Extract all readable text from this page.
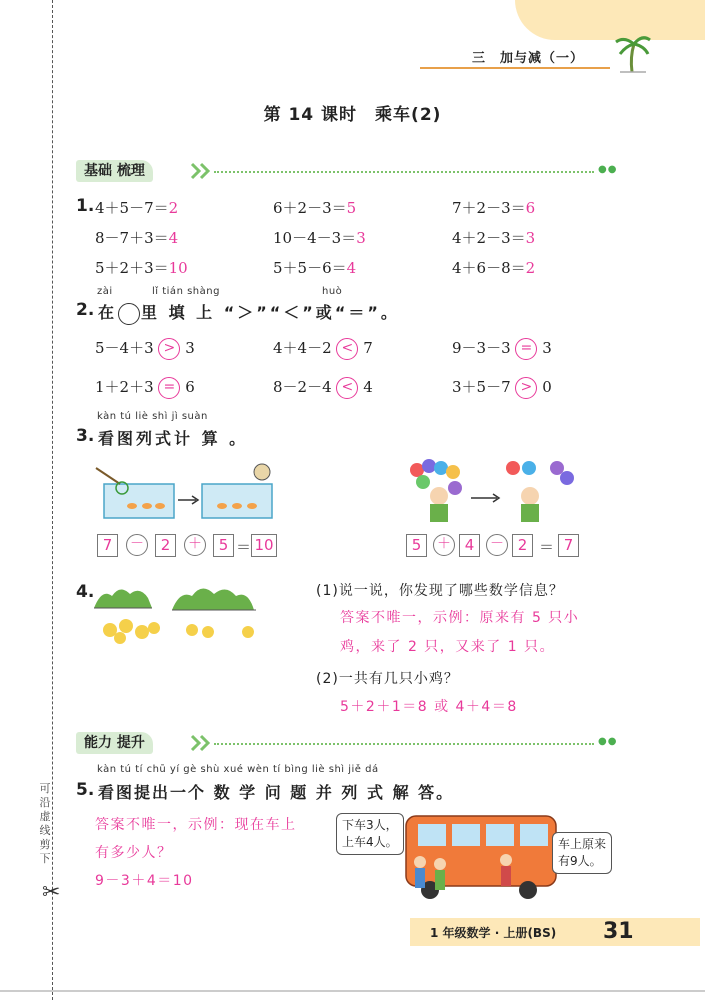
可沿虚线剪下
✂
三　加与减（一）
第 14 课时　乘车(2)
基础 梳理	●●
1. 4＋5－7＝2	6＋2－3＝5	7＋2－3＝6
8－7＋3＝4	10－4－3＝3	4＋2－3＝3
5＋2＋3＝10	5＋5－6＝4	4＋6－8＝2
zài	lǐ tián shàng	huò
2. 在 里 填 上 “＞”“＜”或“＝”。
5－4＋3 > 3	4＋4－2 < 7	9－3－3 = 3
1＋2＋3 = 6	8－2－4 < 4	3＋5－7 > 0
kàn tú liè shì jì suàn
3. 看图列式计 算 。
7	－	2	＋	5 ＝ 10	5	＋ 4	－ 2 ＝ 7
4.	(1)说一说，你发现了哪些数学信息？
答案不唯一，示例：原来有 5 只小
鸡，来了 2 只，又来了 1 只。
(2)一共有几只小鸡？
5＋2＋1＝8 或 4＋4＝8
能力 提升	●●
kàn tú tí chū yí gè shù xué wèn tí bìng liè shì jiě dá
5. 看图提出一个 数 学 问 题 并 列 式 解 答。
答案不唯一，示例：现在车上
有多少人？
9－3＋4＝10
下车3人，
上车4人。	车上原来
有9人。
1 年级数学 · 上册(BS) 31
